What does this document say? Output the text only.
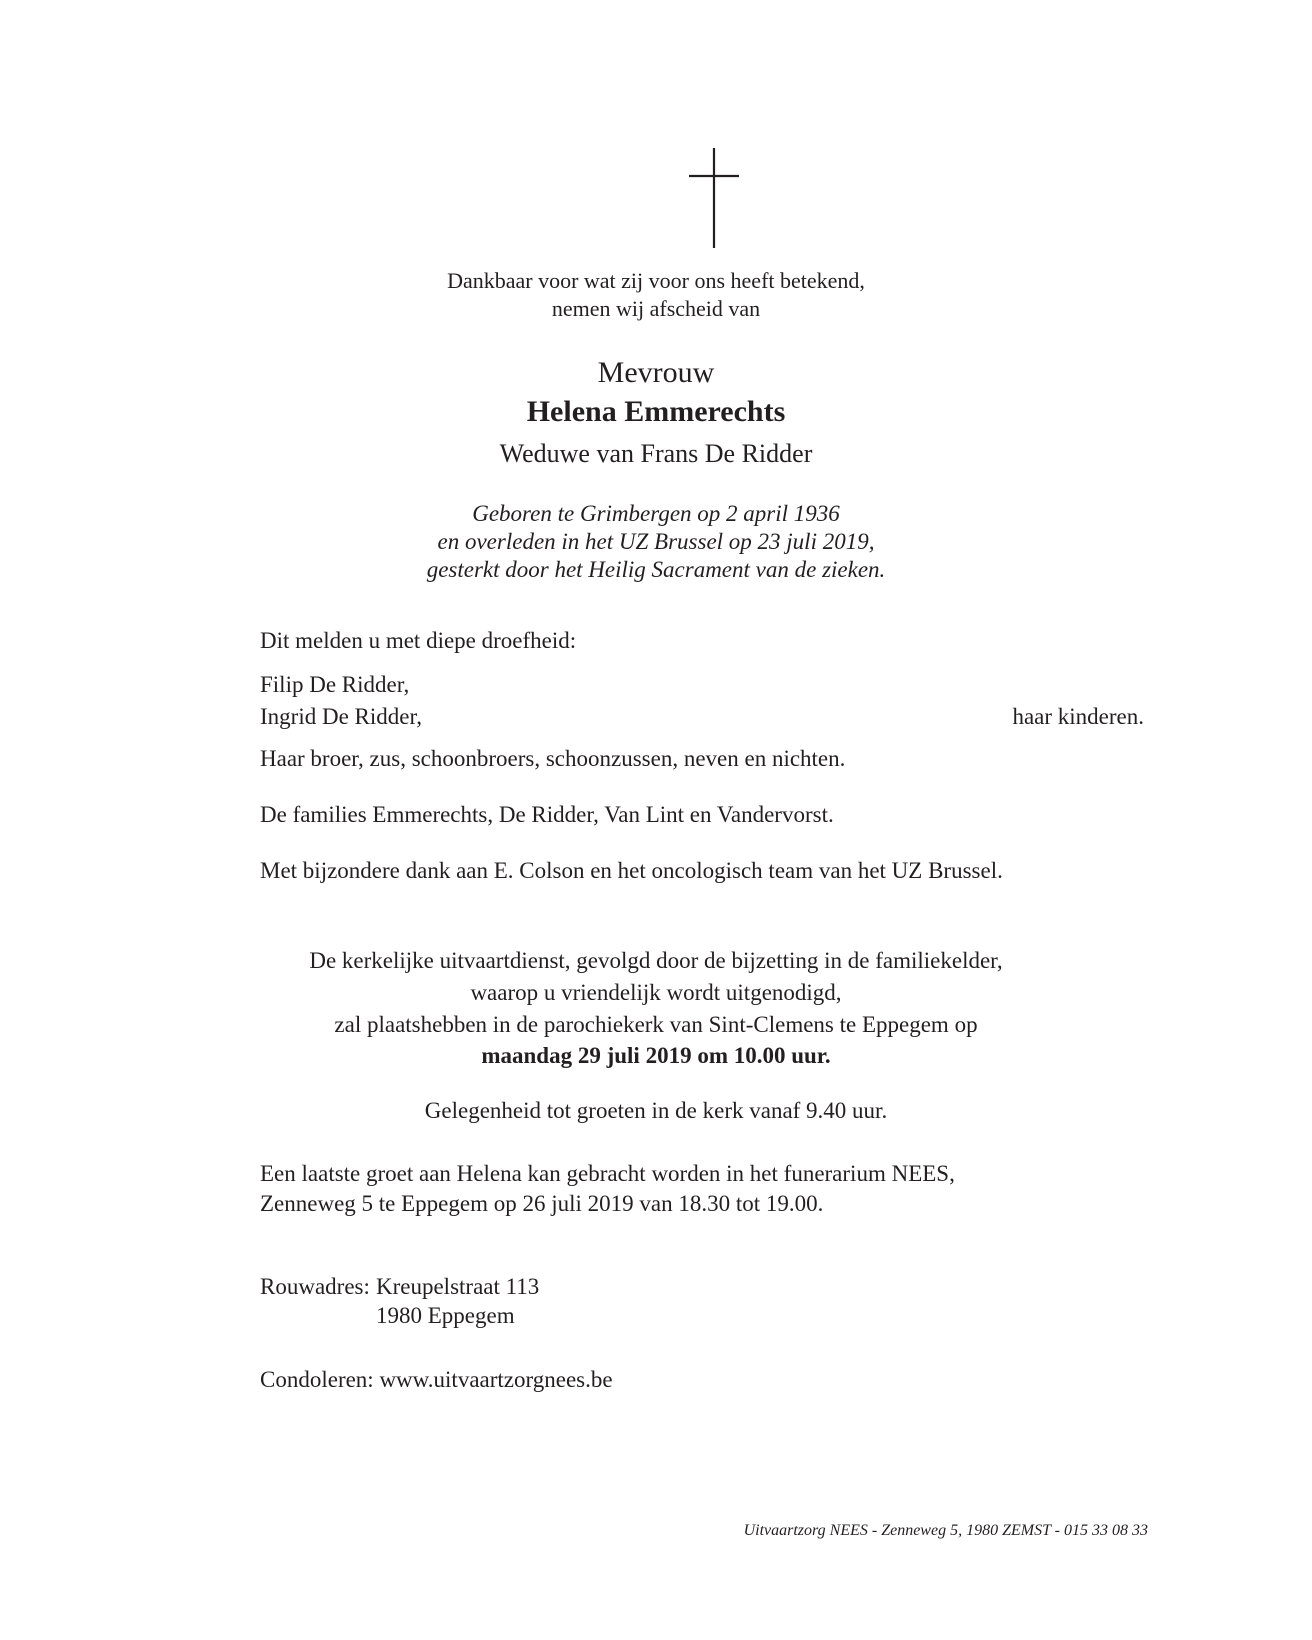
Dankbaar voor wat zij voor ons heeft betekend,
nemen wij afscheid van
Mevrouw
Helena Emmerechts
Weduwe van Frans De Ridder
Geboren te Grimbergen op 2 april 1936
en overleden in het UZ Brussel op 23 juli 2019,
gesterkt door het Heilig Sacrament van de zieken.
Dit melden u met diepe droefheid:
Filip De Ridder,
Ingrid De Ridder,	haar kinderen.
Haar broer, zus, schoonbroers, schoonzussen, neven en nichten.
De families Emmerechts, De Ridder, Van Lint en Vandervorst.
Met bijzondere dank aan E. Colson en het oncologisch team van het UZ Brussel.
De kerkelijke uitvaartdienst, gevolgd door de bijzetting in de familiekelder,
waarop u vriendelijk wordt uitgenodigd,
zal plaatshebben in de parochiekerk van Sint-Clemens te Eppegem op
maandag 29 juli 2019 om 10.00 uur.
Gelegenheid tot groeten in de kerk vanaf 9.40 uur.
Een laatste groet aan Helena kan gebracht worden in het funerarium NEES,
Zenneweg 5 te Eppegem op 26 juli 2019 van 18.30 tot 19.00.
Rouwadres: Kreupelstraat 113
1980 Eppegem
Condoleren: www.uitvaartzorgnees.be
Uitvaartzorg NEES - Zenneweg 5, 1980 ZEMST - 015 33 08 33
